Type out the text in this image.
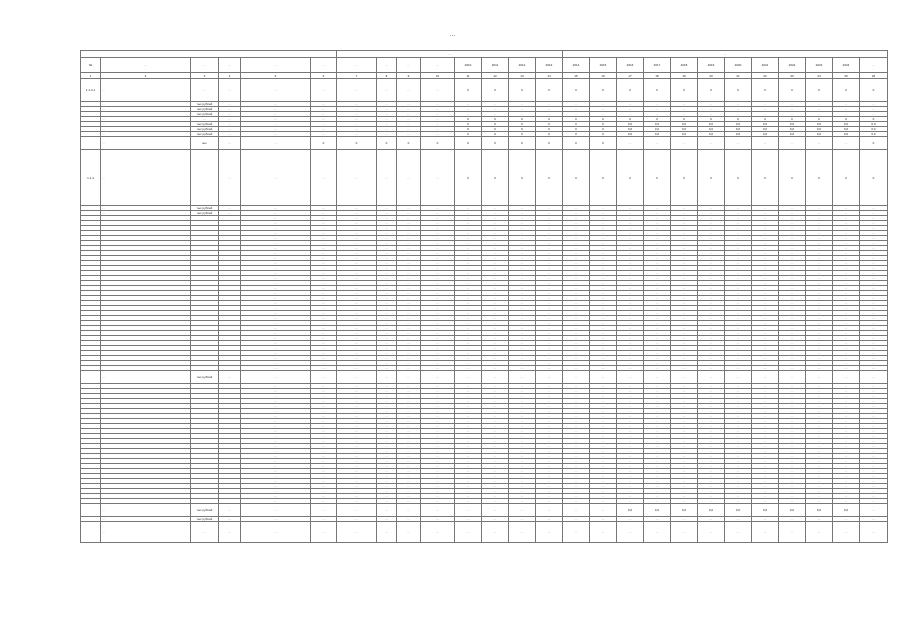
…
						…								…											
№	…	…	…	…	…	…	…	…	…	2010	2011	2012	2013	2014	2015	2016	2017	2018	2019	2020	2021	2022	2023	2024	…
1	2	3	4	5	6	7	8	9	10	11	12	13	14	15	16	17	18	19	20	21	22	23	24	25	26
1.1.3.1	…	…	…	…	…	…	…	…	…	0	0	0	0	0	0	0	0	0	0	0	0	0	0	0	0
	…	тыс рублей	…	…	…	…	…	…	…	…	…	…	…	…	…	…	…	…	…	…	…	…	…	…	…
	…	тыс рублей	…	…	…	…	…	…	…	…	…	…	…	…	…	…	…	…	…	…	…	…	…	…	…
		тыс рублей	…	…	…	…	…	…	…	…	…	…	…	…	…	…	…	…	…	…	…	…	…	…	…
	…	…	…	…	…	…	…	…	…	0	0	0	0	0	0	0	0	0	0	0	0	0	0	0	0
	…	тыс рублей	…	…	…	…	…	…	…	0	0	0	0	0	0	0,0	0,0	0,0	0,0	0,0	0,0	0,0	0,0	0,0	0,0
	…	тыс рублей	…	…	…	…	…	…	…	0	0	0	0	0	0	0,0	0,0	0,0	0,0	0,0	0,0	0,0	0,0	0,0	0,0
	…	тыс рублей	…	…	…	…	…	…	…	0	0	0	0	0	0	0,0	0,0	0,0	0,0	0,0	0,0	0,0	0,0	0,0	0,0
	…	тыс.	…	…	0	0	0	0	0	0	0	0	0	0	0	…	…	…	…	…	…	…	…	…	0
1.1.4	…		…	…	…	…	…	…	…	0	0	0	0	0	0	0	0	0	0	0	0	0	0	0	0
	…	тыс рублей	…	…	…	…	…	…	…	…	…	…	…	…	…	…	…	…	…	…	…	…	…	…	…
	…	тыс рублей	…	…	…	…	…	…	…	…	…	…	…	…	…	…	…	…	…	…	…	…	…	…	…
				…	…	…	…	…	…	…	…	…	…	…	…	…	…	…	…	…	…	…	…	…	…
				…	…	…	…	…	…	…	…	…	…	…	…	…	…	…	…	…	…	…	…	…	…
				…	…	…	…	…	…	…	…	…	…	…	…	…	…	…	…	…	…	…	…	…	…
				…	…	…	…	…	…	…	…	…	…	…	…	…	…	…	…	…	…	…	…	…	…
				…	…	…	…	…	…	…	…	…	…	…	…	…	…	…	…	…	…	…	…	…	…
				…	…	…	…	…	…	…	…	…	…	…	…	…	…	…	…	…	…	…	…	…	…
				…	…	…	…	…	…	…	…	…	…	…	…	…	…	…	…	…	…	…	…	…	…
				…	…	…	…	…	…	…	…	…	…	…	…	…	…	…	…	…	…	…	…	…	…
				…	…	…	…	…	…	…	…	…	…	…	…	…	…	…	…	…	…	…	…	…	…
				…	…	…	…	…	…	…	…	…	…	…	…	…	…	…	…	…	…	…	…	…	…
				…	…	…	…	…	…	…	…	…	…	…	…	…	…	…	…	…	…	…	…	…	…
				…	…	…	…	…	…	…	…	…	…	…	…	…	…	…	…	…	…	…	…	…	…
				…	…	…	…	…	…	…	…	…	…	…	…	…	…	…	…	…	…	…	…	…	…
				…	…	…	…	…	…	…	…	…	…	…	…	…	…	…	…	…	…	…	…	…	…
				…	…	…	…	…	…	…	…	…	…	…	…	…	…	…	…	…	…	…	…	…	…
				…	…	…	…	…	…	…	…	…	…	…	…	…	…	…	…	…	…	…	…	…	…
				…	…	…	…	…	…	…	…	…	…	…	…	…	…	…	…	…	…	…	…	…	…
				…	…	…	…	…	…	…	…	…	…	…	…	…	…	…	…	…	…	…	…	…	…
				…	…	…	…	…	…	…	…	…	…	…	…	…	…	…	…	…	…	…	…	…	…
				…	…	…	…	…	…	…	…	…	…	…	…	…	…	…	…	…	…	…	…	…	…
				…	…	…	…	…	…	…	…	…	…	…	…	…	…	…	…	…	…	…	…	…	…
				…	…	…	…	…	…	…	…	…	…	…	…	…	…	…	…	…	…	…	…	…	…
				…	…	…	…	…	…	…	…	…	…	…	…	…	…	…	…	…	…	…	…	…	…
				…	…	…	…	…	…	…	…	…	…	…	…	…	…	…	…	…	…	…	…	…	…
				…	…	…	…	…	…	…	…	…	…	…	…	…	…	…	…	…	…	…	…	…	…
				…	…	…	…	…	…	…	…	…	…	…	…	…	…	…	…	…	…	…	…	…	…
				…	…	…	…	…	…	…	…	…	…	…	…	…	…	…	…	…	…	…	…	…	…
				…	…	…	…	…	…	…	…	…	…	…	…	…	…	…	…	…	…	…	…	…	…
				…	…	…	…	…	…	…	…	…	…	…	…	…	…	…	…	…	…	…	…	…	…
				…	…	…	…	…	…	…	…	…	…	…	…	…	…	…	…	…	…	…	…	…	…
				…	…	…	…	…	…	…	…	…	…	…	…	…	…	…	…	…	…	…	…	…	…
	…	тыс рублей	…	…	…	…	…	…	…	…	…	…	…	…	…	…	…	…	…	…	…	…	…	…	…
				…	…	…	…	…	…	…	…	…	…	…	…	…	…	…	…	…	…	…	…	…	…
				…	…	…	…	…	…	…	…	…	…	…	…	…	…	…	…	…	…	…	…	…	…
				…	…	…	…	…	…	…	…	…	…	…	…	…	…	…	…	…	…	…	…	…	…
				…	…	…	…	…	…	…	…	…	…	…	…	…	…	…	…	…	…	…	…	…	…
				…	…	…	…	…	…	…	…	…	…	…	…	…	…	…	…	…	…	…	…	…	…
				…	…	…	…	…	…	…	…	…	…	…	…	…	…	…	…	…	…	…	…	…	…
				…	…	…	…	…	…	…	…	…	…	…	…	…	…	…	…	…	…	…	…	…	…
				…	…	…	…	…	…	…	…	…	…	…	…	…	…	…	…	…	…	…	…	…	…
				…	…	…	…	…	…	…	…	…	…	…	…	…	…	…	…	…	…	…	…	…	…
				…	…	…	…	…	…	…	…	…	…	…	…	…	…	…	…	…	…	…	…	…	…
				…	…	…	…	…	…	…	…	…	…	…	…	…	…	…	…	…	…	…	…	…	…
				…	…	…	…	…	…	…	…	…	…	…	…	…	…	…	…	…	…	…	…	…	…
				…	…	…	…	…	…	…	…	…	…	…	…	…	…	…	…	…	…	…	…	…	…
				…	…	…	…	…	…	…	…	…	…	…	…	…	…	…	…	…	…	…	…	…	…
				…	…	…	…	…	…	…	…	…	…	…	…	…	…	…	…	…	…	…	…	…	…
				…	…	…	…	…	…	…	…	…	…	…	…	…	…	…	…	…	…	…	…	…	…
				…	…	…	…	…	…	…	…	…	…	…	…	…	…	…	…	…	…	…	…	…	…
				…	…	…	…	…	…	…	…	…	…	…	…	…	…	…	…	…	…	…	…	…	…
				…	…	…	…	…	…	…	…	…	…	…	…	…	…	…	…	…	…	…	…	…	…
				…	…	…	…	…	…	…	…	…	…	…	…	…	…	…	…	…	…	…	…	…	…
				…	…	…	…	…	…	…	…	…	…	…	…	…	…	…	…	…	…	…	…	…	…
				…	…	…	…	…	…	…	…	…	…	…	…	…	…	…	…	…	…	…	…	…	…
				…	…	…	…	…	…	…	…	…	…	…	…	…	…	…	…	…	…	…	…	…	…
				…	…	…	…	…	…	…	…	…	…	…	…	…	…	…	…	…	…	…	…	…	…
	…	тыс рублей	…	…	…	…	…	…	…	…	…	…	…	…	…	0,0	0,0	0,0	0,0	0,0	0,0	0,0	0,0	0,0	…
	…	тыс рублей	…	…	…	…	…	…	…	…	…	…	…	…	…	…	…	…	…	…	…	…	…	…	…
	…	…	…	…	…	…	…	…	…	…	…	…	…	…	…	…	…	…	…	…	…	…	…	…	…
